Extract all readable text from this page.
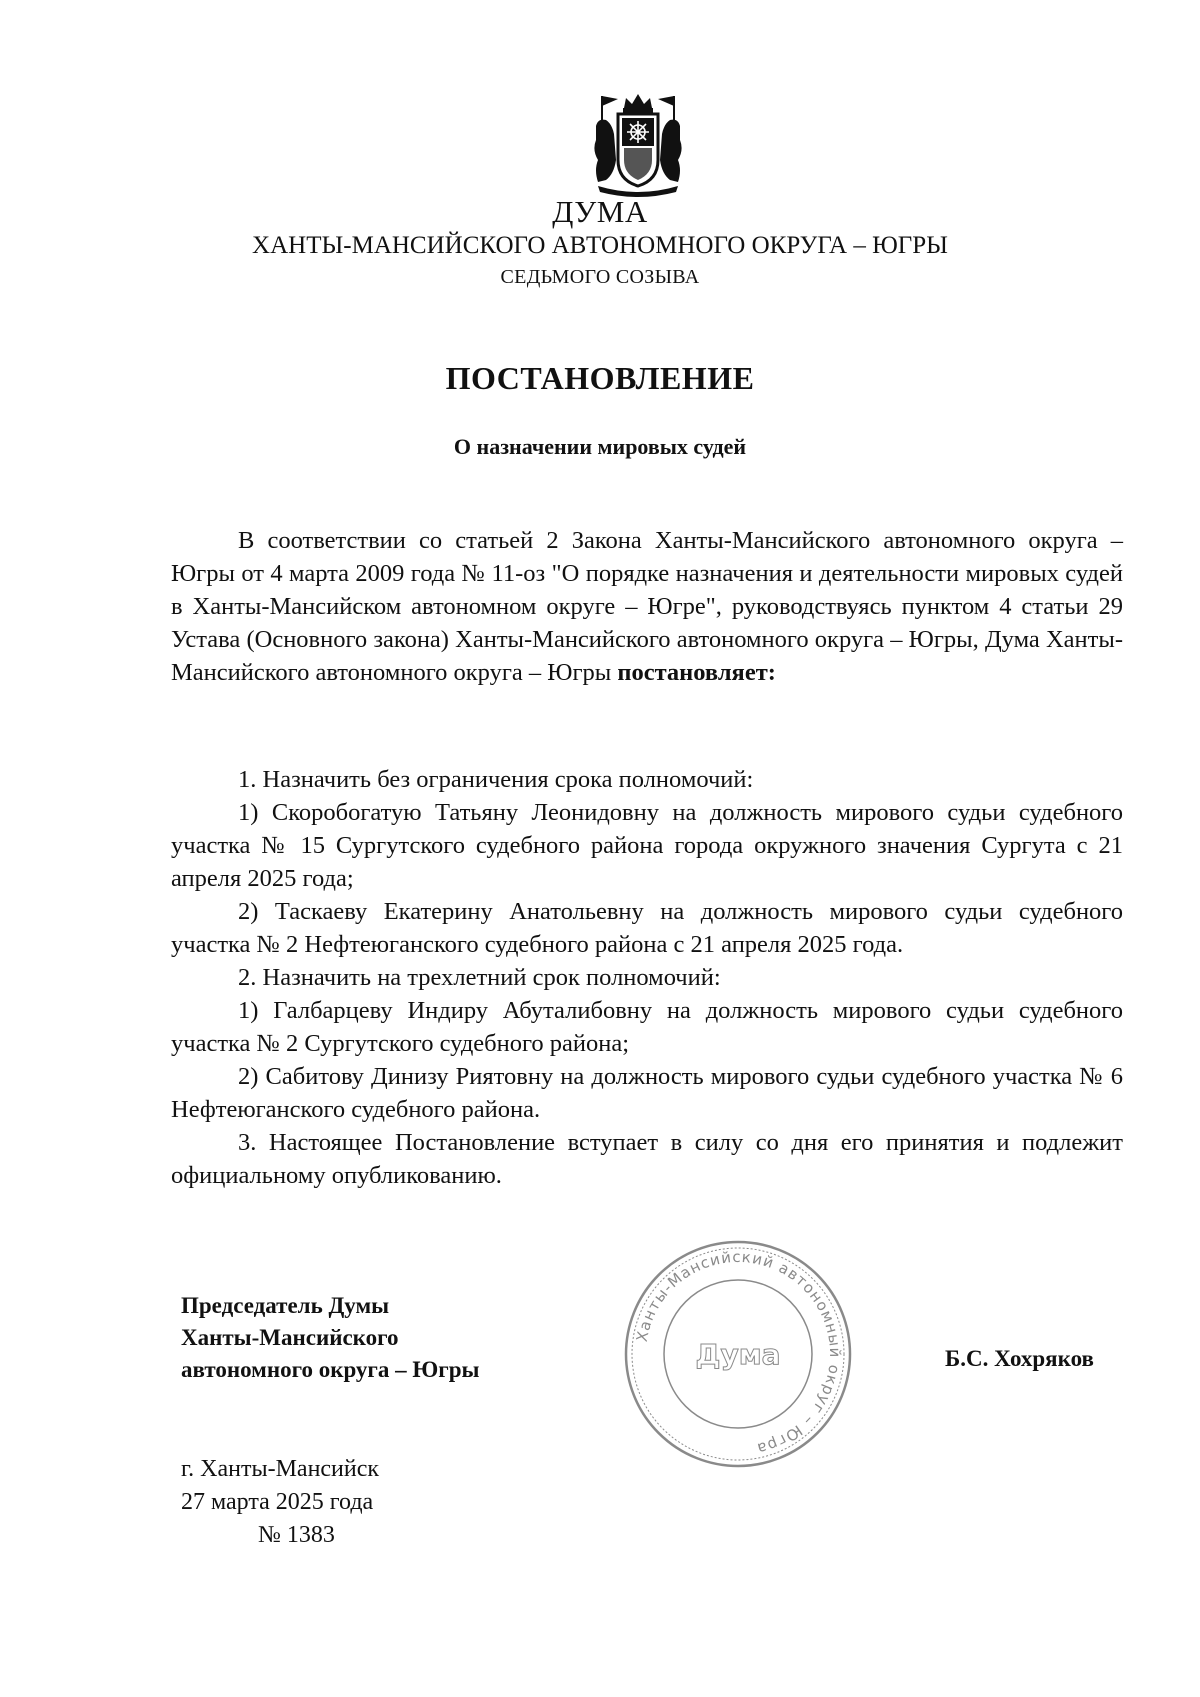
ДУМА
ХАНТЫ-МАНСИЙСКОГО АВТОНОМНОГО ОКРУГА – ЮГРЫ
СЕДЬМОГО СОЗЫВА
ПОСТАНОВЛЕНИЕ
О назначении мировых судей

В соответствии со статьей 2 Закона Ханты-Мансийского автономного округа – Югры от 4 марта 2009 года № 11-оз "О порядке назначения и деятельности мировых судей в Ханты-Мансийском автономном округе – Югре", руководствуясь пунктом 4 статьи 29 Устава (Основного закона) Ханты-Мансийского автономного округа – Югры, Дума Ханты-Мансийского автономного округа – Югры постановляет:

1. Назначить без ограничения срока полномочий:

1) Скоробогатую Татьяну Леонидовну на должность мирового судьи судебного участка № 15 Сургутского судебного района города окружного значения Сургута с 21 апреля 2025 года;

2) Таскаеву Екатерину Анатольевну на должность мирового судьи судебного участка № 2 Нефтеюганского судебного района с 21 апреля 2025 года.

2. Назначить на трехлетний срок полномочий:

1) Галбарцеву Индиру Абуталибовну на должность мирового судьи судебного участка № 2 Сургутского судебного района;

2) Сабитову Динизу Риятовну на должность мирового судьи судебного участка № 6 Нефтеюганского судебного района.

3. Настоящее Постановление вступает в силу со дня его принятия и подлежит официальному опубликованию.

Председатель Думы
Ханты-Мансийского
автономного округа – Югры
Ханты-Мансийский автономный округ – Югра
Дума	Б.С. Хохряков
г. Ханты-Мансийск
27 марта 2025 года
№ 1383
